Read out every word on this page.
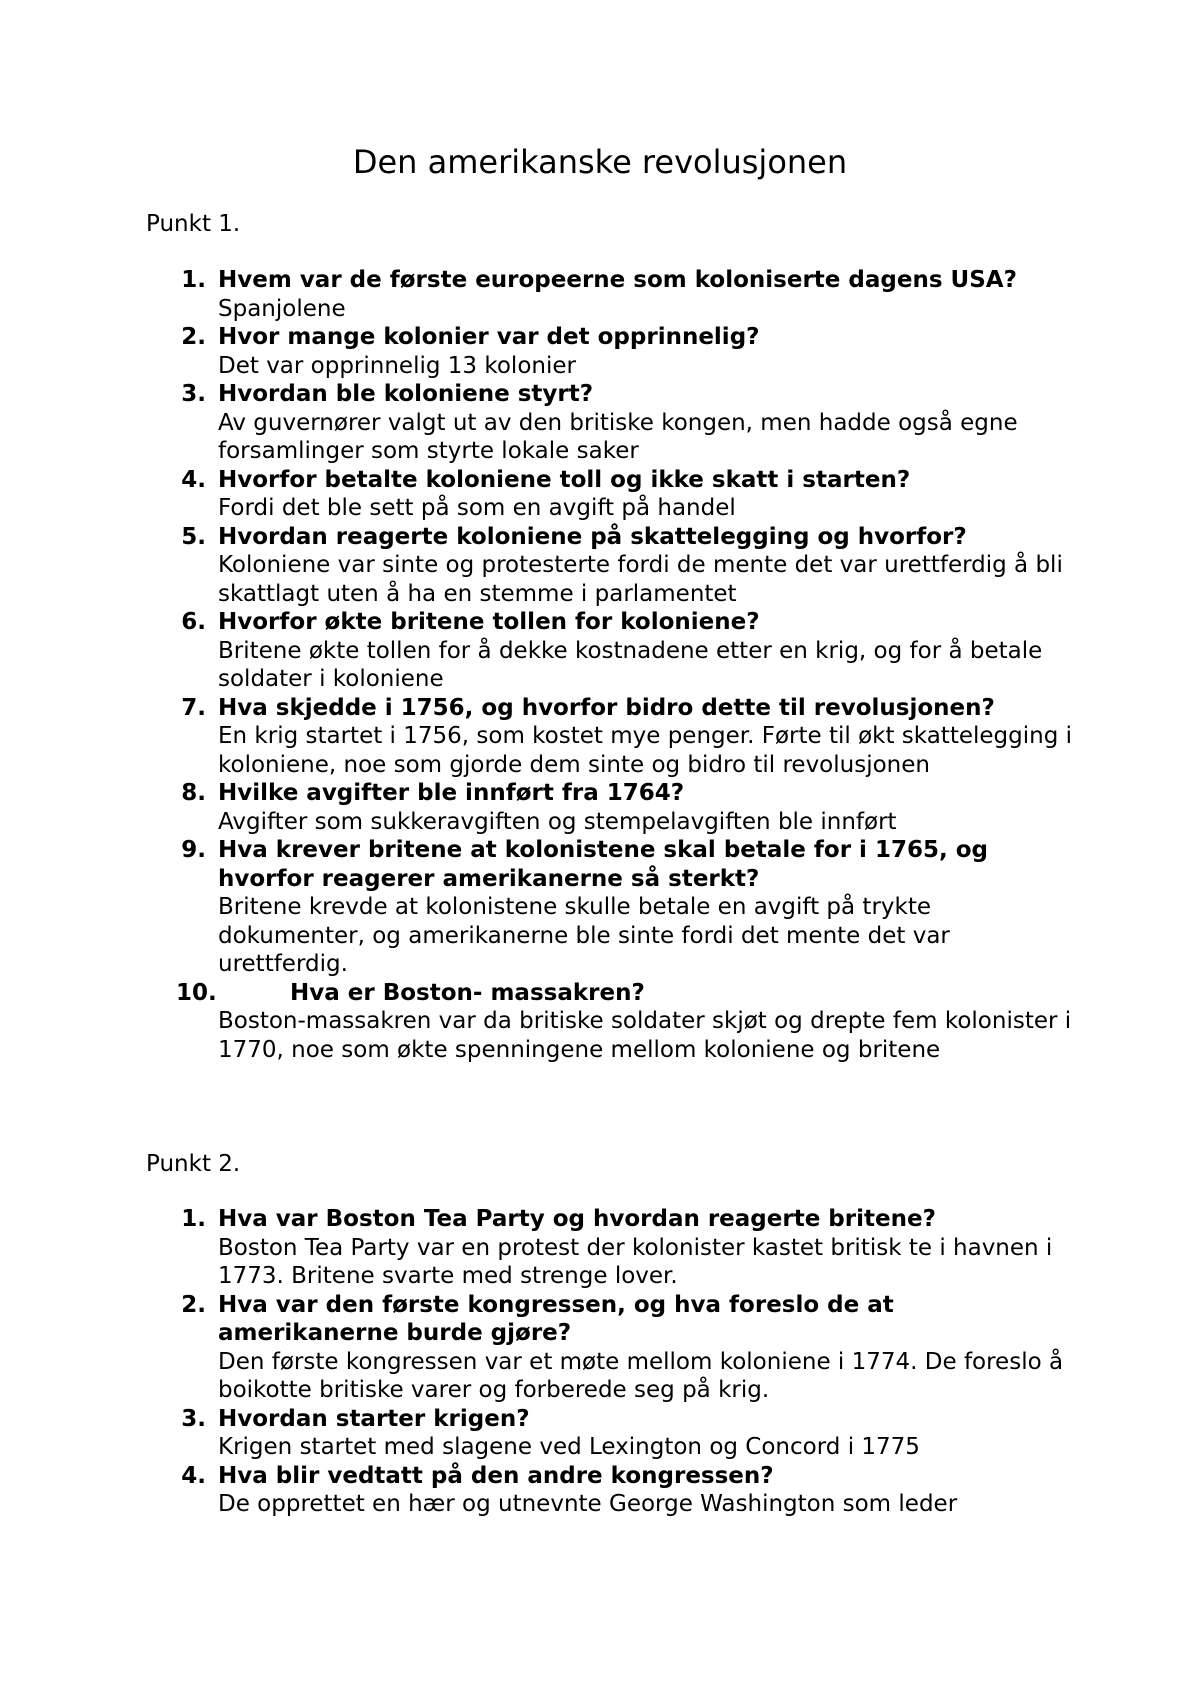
Den amerikanske revolusjonen
Punkt 1.
1. Hvem var de første europeerne som koloniserte dagens USA?
Spanjolene
2. Hvor mange kolonier var det opprinnelig?
Det var opprinnelig 13 kolonier
3. Hvordan ble koloniene styrt?
Av guvernører valgt ut av den britiske kongen, men hadde også egne forsamlinger som styrte lokale saker
4. Hvorfor betalte koloniene toll og ikke skatt i starten?
Fordi det ble sett på som en avgift på handel
5. Hvordan reagerte koloniene på skattelegging og hvorfor?
Koloniene var sinte og protesterte fordi de mente det var urettferdig å bli skattlagt uten å ha en stemme i parlamentet
6. Hvorfor økte britene tollen for koloniene?
Britene økte tollen for å dekke kostnadene etter en krig, og for å betale soldater i koloniene
7. Hva skjedde i 1756, og hvorfor bidro dette til revolusjonen?
En krig startet i 1756, som kostet mye penger. Førte til økt skattelegging i koloniene, noe som gjorde dem sinte og bidro til revolusjonen
8. Hvilke avgifter ble innført fra 1764?
Avgifter som sukkeravgiften og stempelavgiften ble innført
9. Hva krever britene at kolonistene skal betale for i 1765, og hvorfor reagerer amerikanerne så sterkt?
Britene krevde at kolonistene skulle betale en avgift på trykte dokumenter, og amerikanerne ble sinte fordi det mente det var urettferdig.
10.	Hva er Boston- massakren?
Boston-massakren var da britiske soldater skjøt og drepte fem kolonister i 1770, noe som økte spenningene mellom koloniene og britene
Punkt 2.
1. Hva var Boston Tea Party og hvordan reagerte britene?
Boston Tea Party var en protest der kolonister kastet britisk te i havnen i 1773. Britene svarte med strenge lover.
2. Hva var den første kongressen, og hva foreslo de at amerikanerne burde gjøre?
Den første kongressen var et møte mellom koloniene i 1774. De foreslo å boikotte britiske varer og forberede seg på krig.
3. Hvordan starter krigen?
Krigen startet med slagene ved Lexington og Concord i 1775
4. Hva blir vedtatt på den andre kongressen?
De opprettet en hær og utnevnte George Washington som leder
